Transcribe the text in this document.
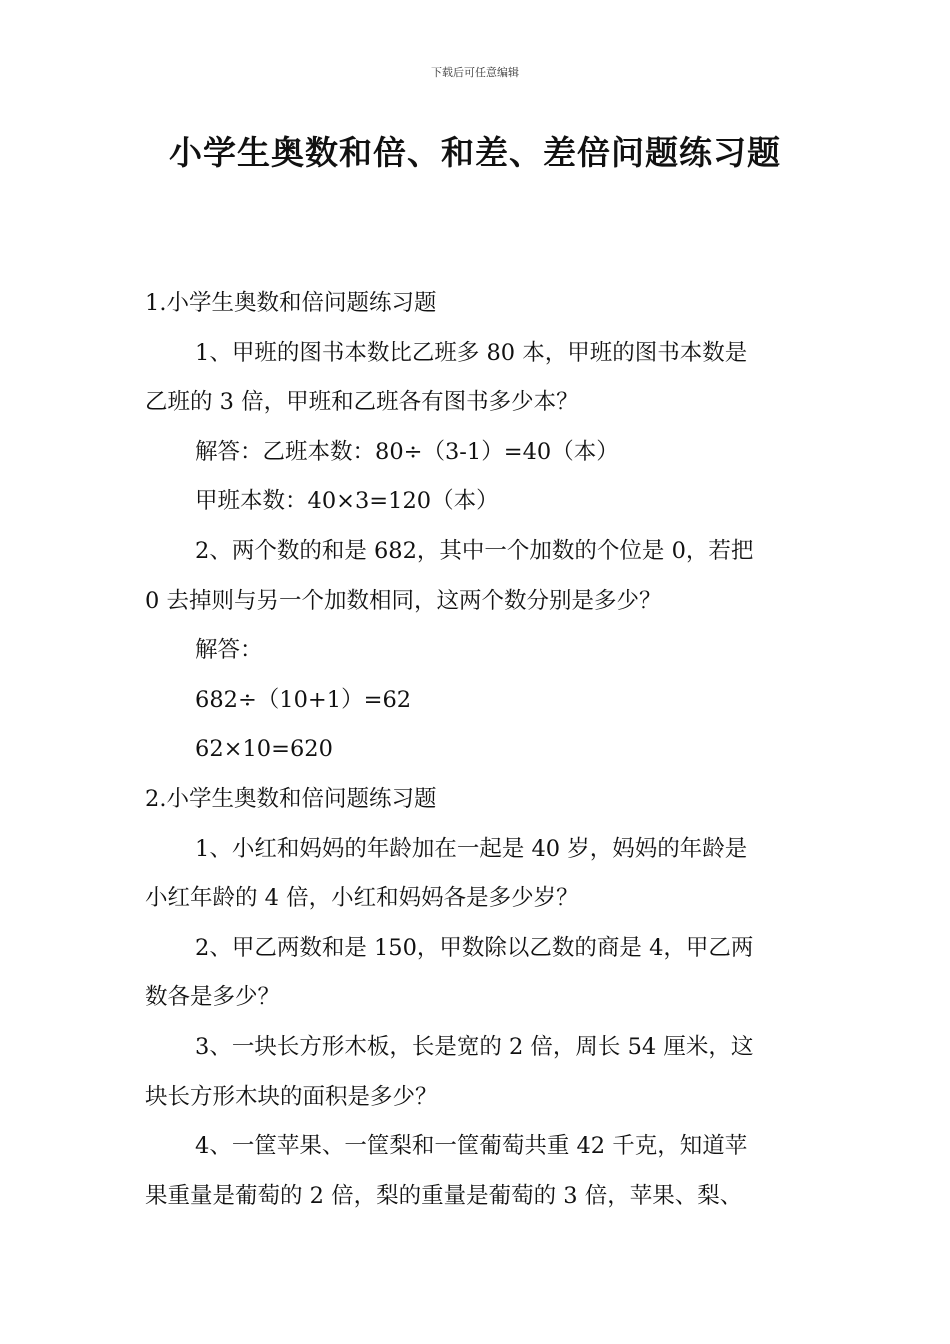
下载后可任意编辑
小学生奥数和倍、和差、差倍问题练习题
1.小学生奥数和倍问题练习题
1、甲班的图书本数比乙班多 80 本，甲班的图书本数是
乙班的 3 倍，甲班和乙班各有图书多少本？
解答：乙班本数：80÷（3-1）=40（本）
甲班本数：40×3=120（本）
2、两个数的和是 682，其中一个加数的个位是 0，若把
0 去掉则与另一个加数相同，这两个数分别是多少？
解答：
682÷（10+1）=62
62×10=620
2.小学生奥数和倍问题练习题
1、小红和妈妈的年龄加在一起是 40 岁，妈妈的年龄是
小红年龄的 4 倍，小红和妈妈各是多少岁？
2、甲乙两数和是 150，甲数除以乙数的商是 4，甲乙两
数各是多少？
3、一块长方形木板，长是宽的 2 倍，周长 54 厘米，这
块长方形木块的面积是多少？
4、一筐苹果、一筐梨和一筐葡萄共重 42 千克，知道苹
果重量是葡萄的 2 倍，梨的重量是葡萄的 3 倍，苹果、梨、
